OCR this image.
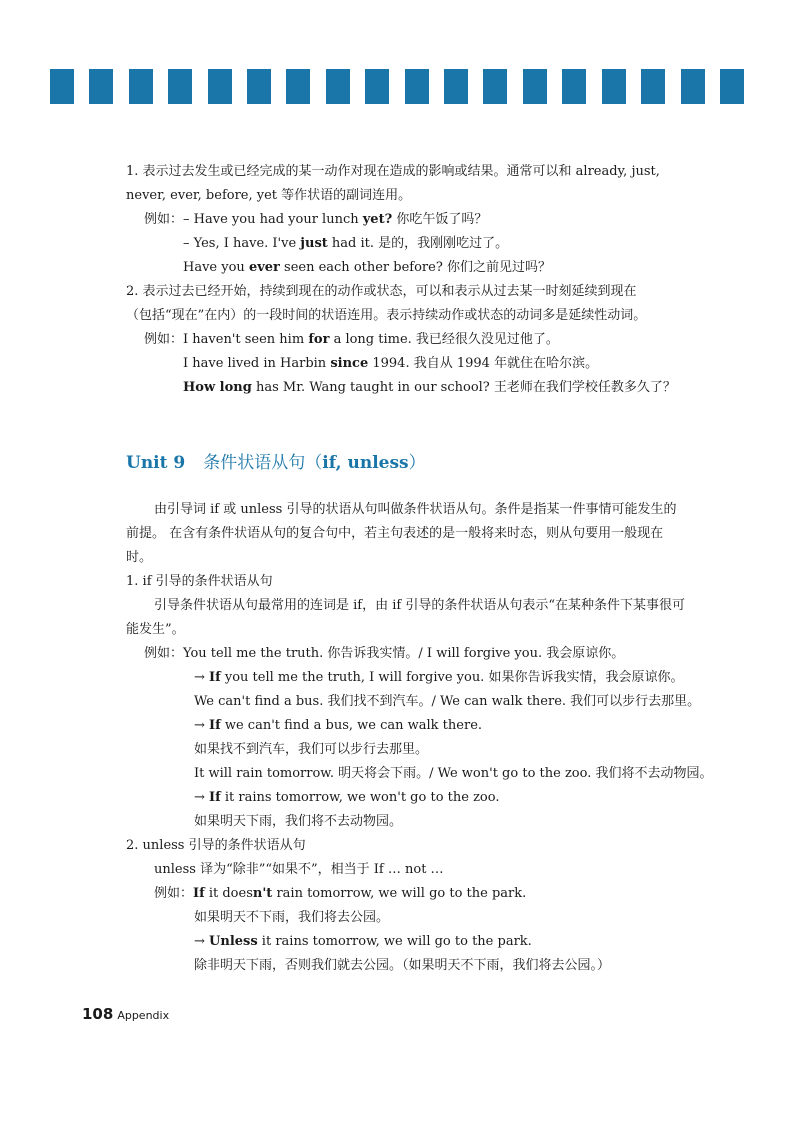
1. 表示过去发生或已经完成的某一动作对现在造成的影响或结果。通常可以和 already, just,
never, ever, before, yet 等作状语的副词连用。
例如：– Have you had your lunch yet? 你吃午饭了吗？
– Yes, I have. I've just had it. 是的，我刚刚吃过了。
Have you ever seen each other before? 你们之前见过吗？
2. 表示过去已经开始，持续到现在的动作或状态，可以和表示从过去某一时刻延续到现在
（包括“现在”在内）的一段时间的状语连用。表示持续动作或状态的动词多是延续性动词。
例如：I haven't seen him for a long time. 我已经很久没见过他了。
I have lived in Harbin since 1994. 我自从 1994 年就住在哈尔滨。
How long has Mr. Wang taught in our school? 王老师在我们学校任教多久了？
Unit 9 条件状语从句（if, unless）
由引导词 if 或 unless 引导的状语从句叫做条件状语从句。条件是指某一件事情可能发生的前提。 在含有条件状语从句的复合句中，若主句表述的是一般将来时态，则从句要用一般现在时。
1. if 引导的条件状语从句
引导条件状语从句最常用的连词是 if，由 if 引导的条件状语从句表示“在某种条件下某事很可能发生”。
例如：You tell me the truth. 你告诉我实情。/ I will forgive you. 我会原谅你。
→ If you tell me the truth, I will forgive you. 如果你告诉我实情，我会原谅你。
We can't find a bus. 我们找不到汽车。/ We can walk there. 我们可以步行去那里。
→ If we can't find a bus, we can walk there.
如果找不到汽车，我们可以步行去那里。
It will rain tomorrow. 明天将会下雨。/ We won't go to the zoo. 我们将不去动物园。
→ If it rains tomorrow, we won't go to the zoo.
如果明天下雨，我们将不去动物园。
2. unless 引导的条件状语从句
unless 译为“除非”“如果不”，相当于 If … not …
例如：If it doesn't rain tomorrow, we will go to the park.
如果明天不下雨，我们将去公园。
→ Unless it rains tomorrow, we will go to the park.
除非明天下雨，否则我们就去公园。（如果明天不下雨，我们将去公园。）
108 Appendix
